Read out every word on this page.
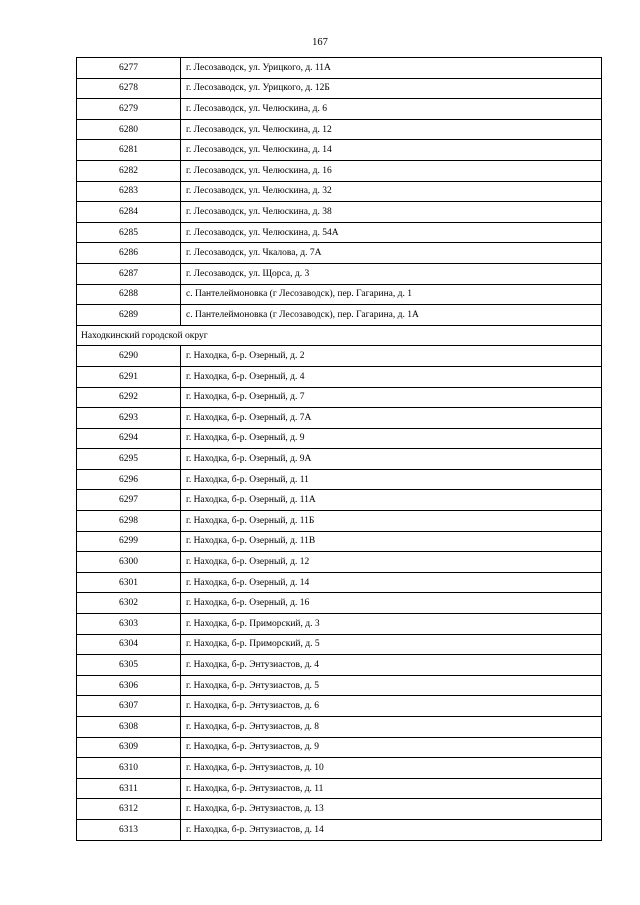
167
6277	г. Лесозаводск, ул. Урицкого, д. 11А
6278	г. Лесозаводск, ул. Урицкого, д. 12Б
6279	г. Лесозаводск, ул. Челюскина, д. 6
6280	г. Лесозаводск, ул. Челюскина, д. 12
6281	г. Лесозаводск, ул. Челюскина, д. 14
6282	г. Лесозаводск, ул. Челюскина, д. 16
6283	г. Лесозаводск, ул. Челюскина, д. 32
6284	г. Лесозаводск, ул. Челюскина, д. 38
6285	г. Лесозаводск, ул. Челюскина, д. 54А
6286	г. Лесозаводск, ул. Чкалова, д. 7А
6287	г. Лесозаводск, ул. Щорса, д. 3
6288	с. Пантелеймоновка (г Лесозаводск), пер. Гагарина, д. 1
6289	с. Пантелеймоновка (г Лесозаводск), пер. Гагарина, д. 1А
Находкинский городской округ	
6290	г. Находка, б-р. Озерный, д. 2
6291	г. Находка, б-р. Озерный, д. 4
6292	г. Находка, б-р. Озерный, д. 7
6293	г. Находка, б-р. Озерный, д. 7А
6294	г. Находка, б-р. Озерный, д. 9
6295	г. Находка, б-р. Озерный, д. 9А
6296	г. Находка, б-р. Озерный, д. 11
6297	г. Находка, б-р. Озерный, д. 11А
6298	г. Находка, б-р. Озерный, д. 11Б
6299	г. Находка, б-р. Озерный, д. 11В
6300	г. Находка, б-р. Озерный, д. 12
6301	г. Находка, б-р. Озерный, д. 14
6302	г. Находка, б-р. Озерный, д. 16
6303	г. Находка, б-р. Приморский, д. 3
6304	г. Находка, б-р. Приморский, д. 5
6305	г. Находка, б-р. Энтузиастов, д. 4
6306	г. Находка, б-р. Энтузиастов, д. 5
6307	г. Находка, б-р. Энтузиастов, д. 6
6308	г. Находка, б-р. Энтузиастов, д. 8
6309	г. Находка, б-р. Энтузиастов, д. 9
6310	г. Находка, б-р. Энтузиастов, д. 10
6311	г. Находка, б-р. Энтузиастов, д. 11
6312	г. Находка, б-р. Энтузиастов, д. 13
6313	г. Находка, б-р. Энтузиастов, д. 14
